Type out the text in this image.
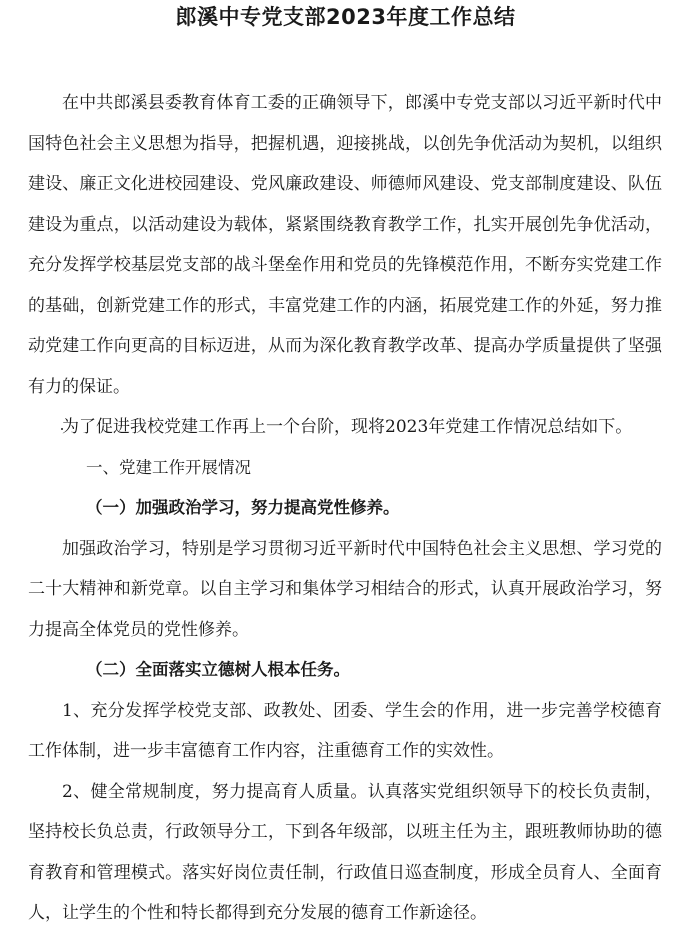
郎溪中专党支部2023年度工作总结

在中共郎溪县委教育体育工委的正确领导下，郎溪中专党支部以习近平新时代中国特色社会主义思想为指导，把握机遇，迎接挑战，以创先争优活动为契机，以组织建设、廉正文化进校园建设、党风廉政建设、师德师风建设、党支部制度建设、队伍建设为重点，以活动建设为载体，紧紧围绕教育教学工作，扎实开展创先争优活动，充分发挥学校基层党支部的战斗堡垒作用和党员的先锋模范作用，不断夯实党建工作的基础，创新党建工作的形式，丰富党建工作的内涵，拓展党建工作的外延，努力推动党建工作向更高的目标迈进，从而为深化教育教学改革、提高办学质量提供了坚强有力的保证。

为了促进我校党建工作再上一个台阶，现将2023年党建工作情况总结如下。

一、党建工作开展情况

（一）加强政治学习，努力提高党性修养。

加强政治学习，特别是学习贯彻习近平新时代中国特色社会主义思想、学习党的二十大精神和新党章。以自主学习和集体学习相结合的形式，认真开展政治学习，努力提高全体党员的党性修养。

（二）全面落实立德树人根本任务。

1、充分发挥学校党支部、政教处、团委、学生会的作用，进一步完善学校德育工作体制，进一步丰富德育工作内容，注重德育工作的实效性。

2、健全常规制度，努力提高育人质量。认真落实党组织领导下的校长负责制，坚持校长负总责，行政领导分工，下到各年级部，以班主任为主，跟班教师协助的德育教育和管理模式。落实好岗位责任制，行政值日巡查制度，形成全员育人、全面育人，让学生的个性和特长都得到充分发展的德育工作新途径。
